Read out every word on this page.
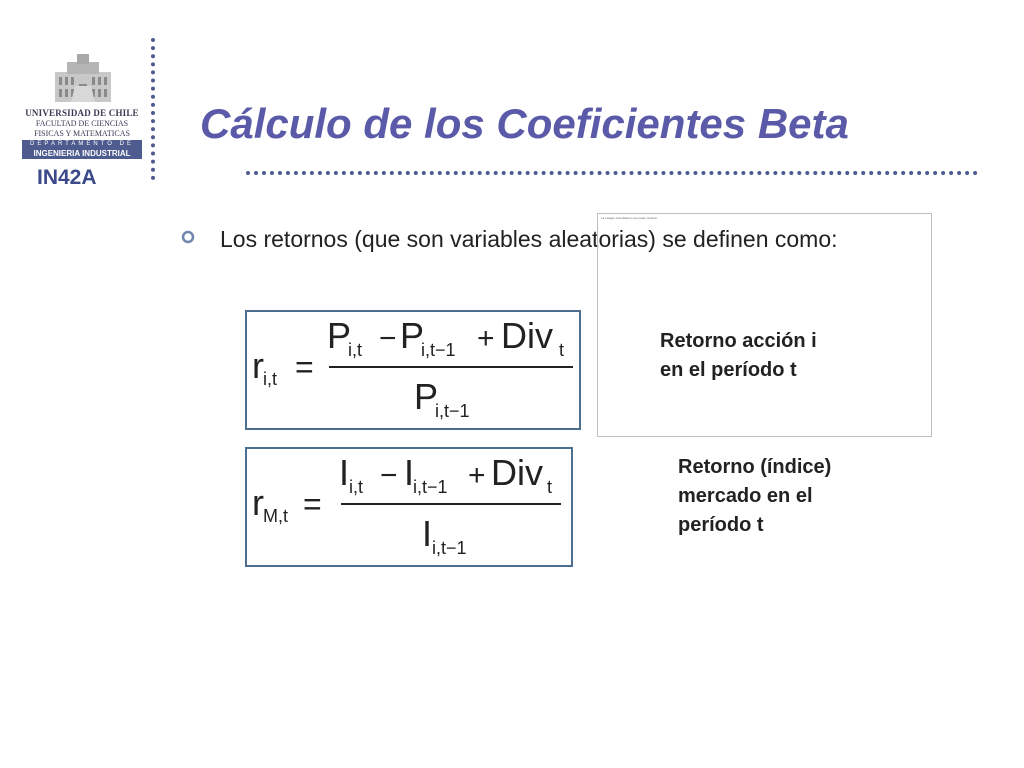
UNIVERSIDAD DE CHILE
FACULTAD DE CIENCIAS
FISICAS Y MATEMATICAS
DEPARTAMENTO DE
INGENIERIA INDUSTRIAL
IN42A
Cálculo de los Coeficientes Beta
Los retornos (que son variables aleatorias) se definen como:
La imagen vinculada no se puede mostrar.
r i,t =
P
i,t − P
i,t−1 + Div t
P
i,t−1
r M,t =
I i,t − I
i,t−1 + Div t
I i,t−1
Retorno acción i
en el período t
Retorno (índice)
mercado en el
período t
